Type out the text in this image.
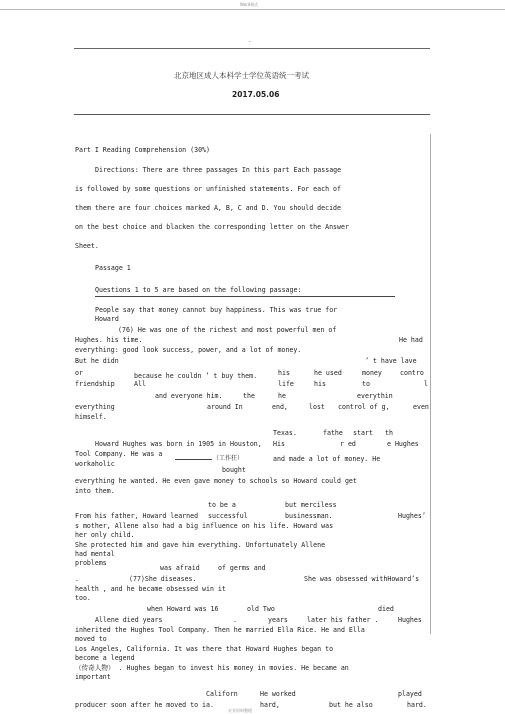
Word格式
-
北京地区成人本科学士学位英语统一考试
2017.05.06
Part I Reading Comprehension (30%)
Directions: There are three passages In this part Each passage
is followed by some questions or unfinished statements. For each of
them there are four choices marked A, B, C and D. You should decide
on the best choice and blacken the corresponding letter on the Answer
Sheet.
Passage 1
Questions 1 to 5 are based on the following passage:
People say that money cannot buy happiness. This was true for
Howard
(76) He was one of the richest and most powerful men of
Hughes. his time.	He had
everything: good look success, power, and a lot of money.
But he didn	’ t have lave
or	because he couldn ’ t buy them.	his	he used	money	contro
friendship	All	life	his	to	l
and everyone him.	the	he	everythin
everything	around In	end,	lost control of g,	even
himself.
Texas.	fathe start th
Howard Hughes was born in 1905 in Houston, His	r ed	e Hughes
Tool Company. He was a
（工作狂）	and made a lot of money. He
workaholic
bought
everything he wanted. He even gave money to schools so Howard could get
into them.
to be a	but merciless
From his father, Howard learned successful	businessman.	Hughes’
s mother, Allene also had a big influence on his life. Howard was
her only child.
She protected him and gave him everything. Unfortunately Allene
had mental
problems
was afraid	of germs and
.	(77)She diseases.	She was obsessed withHoward’s
health , and he became obsessed win it
too.
when Howard was 16	old Two	died
Allene died years	.	years	later his father .	Hughes
inherited the Hughes Tool Company. Then he married Ella Rice. He and Ella
moved to
Los Angeles, California. It was there that Howard Hughes began to
become a legend
（传奇人物） . Hughes began to invest his money in movies. He became an
important
Californ	He worked	played
producer soon after he moved to ia.	hard,	but he also	hard.
专业资料整理
